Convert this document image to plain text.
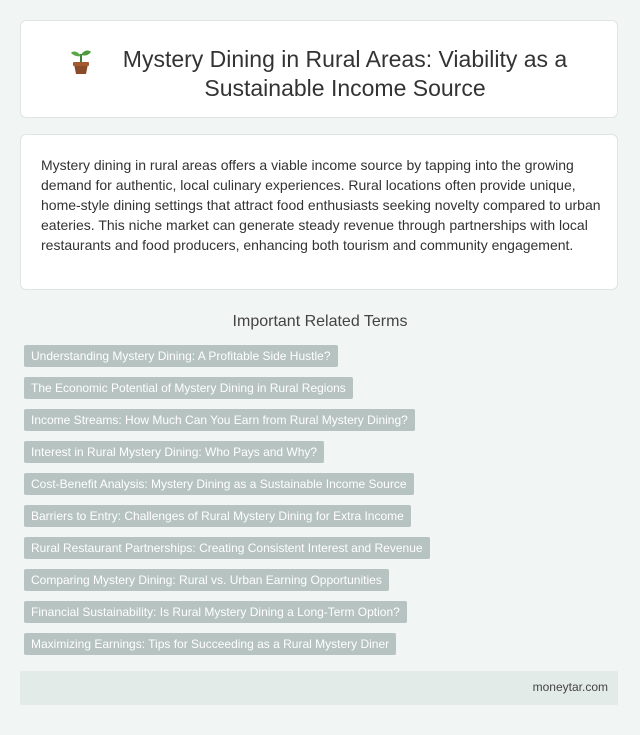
Mystery Dining in Rural Areas: Viability as a Sustainable Income Source

Mystery dining in rural areas offers a viable income source by tapping into the growing demand for authentic, local culinary experiences. Rural locations often provide unique, home-style dining settings that attract food enthusiasts seeking novelty compared to urban eateries. This niche market can generate steady revenue through partnerships with local restaurants and food producers, enhancing both tourism and community engagement.

Important Related Terms
Understanding Mystery Dining: A Profitable Side Hustle?
The Economic Potential of Mystery Dining in Rural Regions
Income Streams: How Much Can You Earn from Rural Mystery Dining?
Interest in Rural Mystery Dining: Who Pays and Why?
Cost-Benefit Analysis: Mystery Dining as a Sustainable Income Source
Barriers to Entry: Challenges of Rural Mystery Dining for Extra Income
Rural Restaurant Partnerships: Creating Consistent Interest and Revenue
Comparing Mystery Dining: Rural vs. Urban Earning Opportunities
Financial Sustainability: Is Rural Mystery Dining a Long-Term Option?
Maximizing Earnings: Tips for Succeeding as a Rural Mystery Diner
moneytar.com
